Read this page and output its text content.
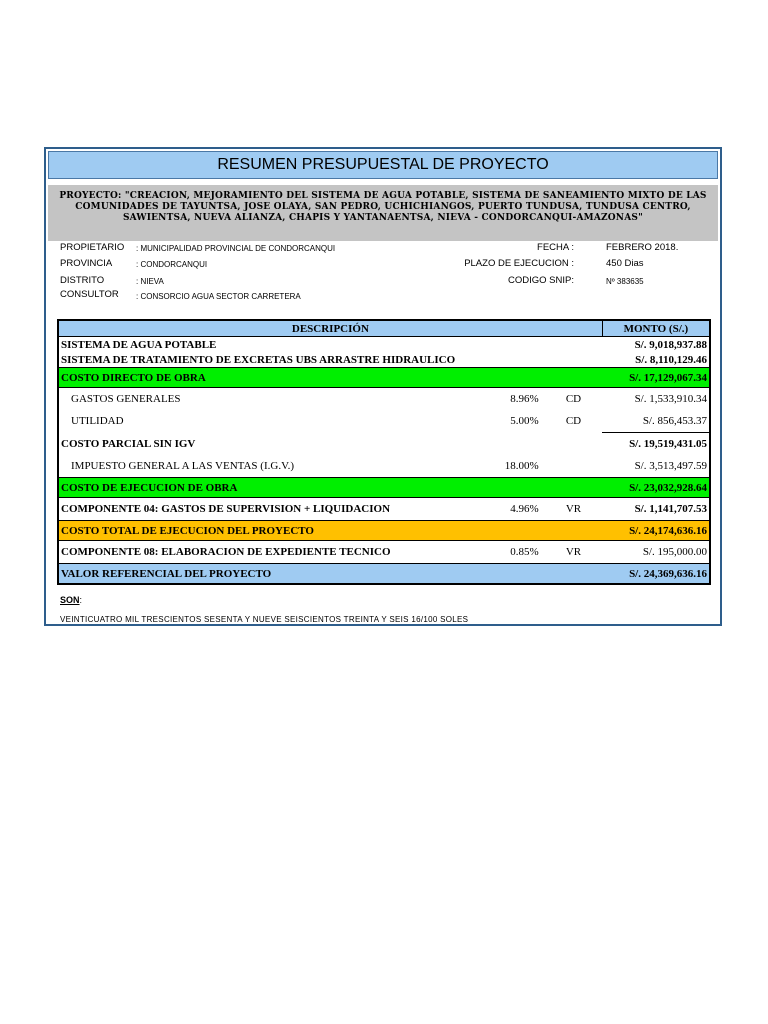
RESUMEN PRESUPUESTAL DE PROYECTO
PROYECTO: "CREACION, MEJORAMIENTO DEL SISTEMA DE AGUA POTABLE, SISTEMA DE SANEAMIENTO MIXTO DE LAS COMUNIDADES DE TAYUNTSA, JOSE OLAYA, SAN PEDRO, UCHICHIANGOS, PUERTO TUNDUSA, TUNDUSA CENTRO, SAWIENTSA, NUEVA ALIANZA, CHAPIS Y YANTANAENTSA, NIEVA - CONDORCANQUI-AMAZONAS"
PROPIETARIO : MUNICIPALIDAD PROVINCIAL DE CONDORCANQUI
PROVINCIA	: CONDORCANQUI
DISTRITO	: NIEVA
CONSULTOR : CONSORCIO AGUA SECTOR CARRETERA
FECHA :	FEBRERO 2018.
PLAZO DE EJECUCION :	450 Dias
CODIGO SNIP:	Nº 383635
DESCRIPCIÓN			MONTO (S/.)
SISTEMA DE AGUA POTABLE			S/. 9,018,937.88
SISTEMA DE TRATAMIENTO DE EXCRETAS UBS ARRASTRE HIDRAULICO			S/. 8,110,129.46
COSTO DIRECTO DE OBRA			S/. 17,129,067.34
GASTOS GENERALES	8.96%	CD	S/. 1,533,910.34
UTILIDAD	5.00%	CD	S/. 856,453.37
COSTO PARCIAL SIN IGV			S/. 19,519,431.05
IMPUESTO GENERAL A LAS VENTAS (I.G.V.)	18.00%		S/. 3,513,497.59
COSTO DE EJECUCION DE OBRA			S/. 23,032,928.64
COMPONENTE 04: GASTOS DE SUPERVISION + LIQUIDACION	4.96%	VR	S/. 1,141,707.53
COSTO TOTAL DE EJECUCION DEL PROYECTO			S/. 24,174,636.16
COMPONENTE 08: ELABORACION DE EXPEDIENTE TECNICO	0.85%	VR	S/. 195,000.00
VALOR REFERENCIAL DEL PROYECTO			S/. 24,369,636.16
SON:
VEINTICUATRO MIL TRESCIENTOS SESENTA Y NUEVE SEISCIENTOS TREINTA Y SEIS 16/100 SOLES
